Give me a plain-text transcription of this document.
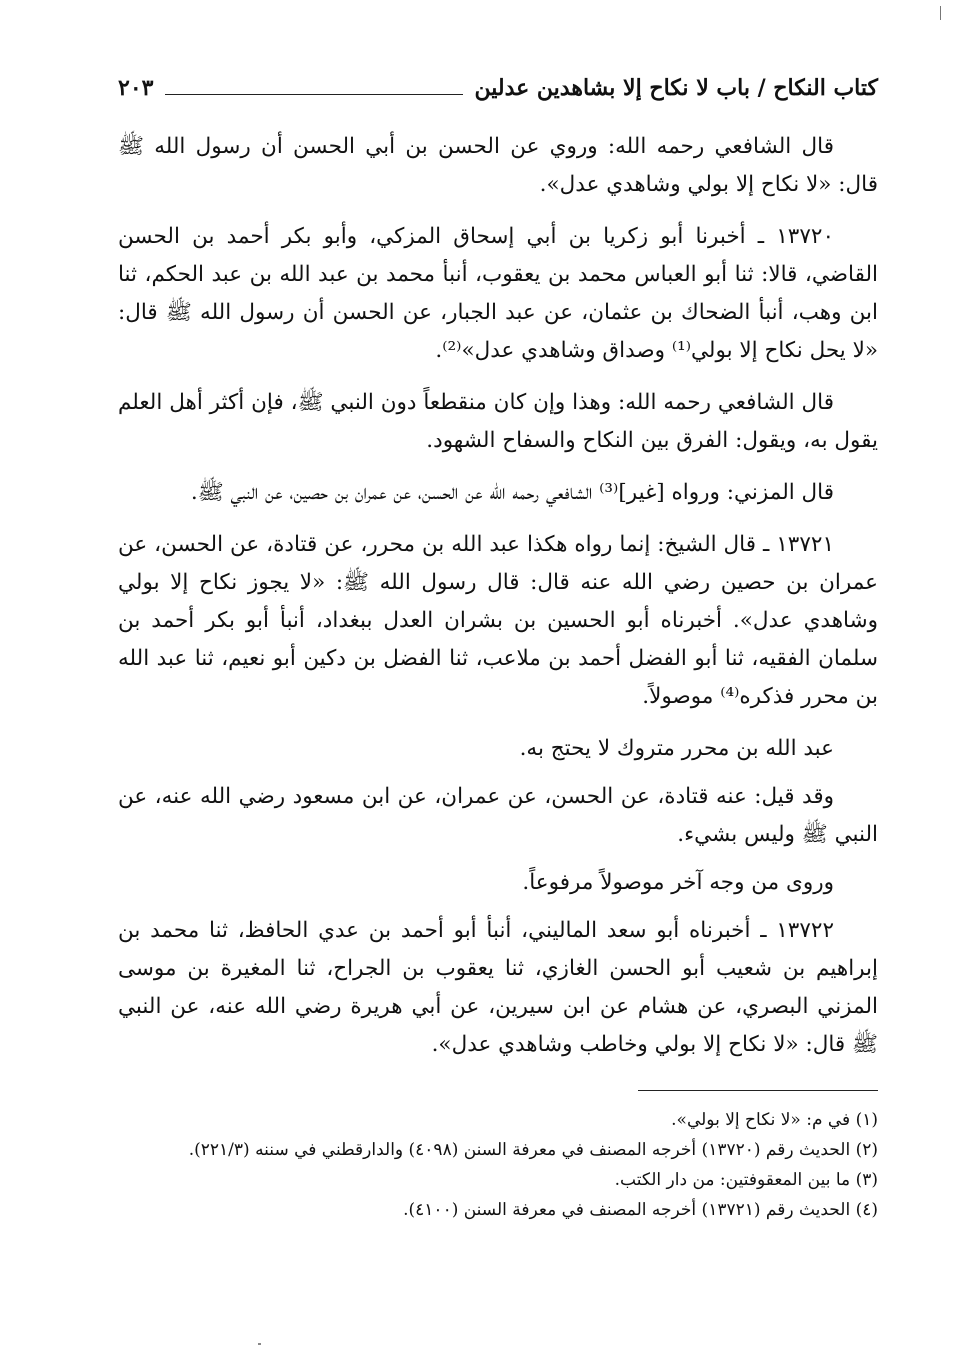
كتاب النكاح / باب لا نكاح إلا بشاهدين عدلين
٢٠٣

قال الشافعي رحمه الله: وروي عن الحسن بن أبي الحسن أن رسول الله ﷺ قال: «لا نكاح إلا بولي وشاهدي عدل».

١٣٧٢٠ ـ أخبرنا أبو زكريا بن أبي إسحاق المزكي، وأبو بكر أحمد بن الحسن القاضي، قالا: ثنا أبو العباس محمد بن يعقوب، أنبأ محمد بن عبد الله بن عبد الحكم، ثنا ابن وهب، أنبأ الضحاك بن عثمان، عن عبد الجبار، عن الحسن أن رسول الله ﷺ قال: «لا يحل نكاح إلا بولي⁽¹⁾ وصداق وشاهدي عدل»⁽²⁾.

قال الشافعي رحمه الله: وهذا وإن كان منقطعاً دون النبي ﷺ، فإن أكثر أهل العلم يقول به، ويقول: الفرق بين النكاح والسفاح الشهود.

قال المزني: ورواه [غير]⁽³⁾ الشافعي رحمه الله عن الحسن، عن عمران بن حصين، عن النبي ﷺ.

١٣٧٢١ ـ قال الشيخ: إنما رواه هكذا عبد الله بن محرر، عن قتادة، عن الحسن، عن عمران بن حصين رضي الله عنه قال: قال رسول الله ﷺ: «لا يجوز نكاح إلا بولي وشاهدي عدل». أخبرناه أبو الحسين بن بشران العدل ببغداد، أنبأ أبو بكر أحمد بن سلمان الفقيه، ثنا أبو الفضل أحمد بن ملاعب، ثنا الفضل بن دكين أبو نعيم، ثنا عبد الله بن محرر فذكره⁽⁴⁾ موصولاً.

عبد الله بن محرر متروك لا يحتج به.

وقد قيل: عنه قتادة، عن الحسن، عن عمران، عن ابن مسعود رضي الله عنه، عن النبي ﷺ وليس بشيء.

وروى من وجه آخر موصولاً مرفوعاً.

١٣٧٢٢ ـ أخبرناه أبو سعد الماليني، أنبأ أبو أحمد بن عدي الحافظ، ثنا محمد بن إبراهيم بن شعيب أبو الحسن الغازي، ثنا يعقوب بن الجراح، ثنا المغيرة بن موسى المزني البصري، عن هشام عن ابن سيرين، عن أبي هريرة رضي الله عنه، عن النبي ﷺ قال: «لا نكاح إلا بولي وخاطب وشاهدي عدل».

(١) في م: «لا نكاح إلا بولي».

(٢) الحديث رقم (١٣٧٢٠) أخرجه المصنف في معرفة السنن (٤٠٩٨) والدارقطني في سننه (٢٢١/٣).

(٣) ما بين المعقوفتين: من دار الكتب.

(٤) الحديث رقم (١٣٧٢١) أخرجه المصنف في معرفة السنن (٤١٠٠).
